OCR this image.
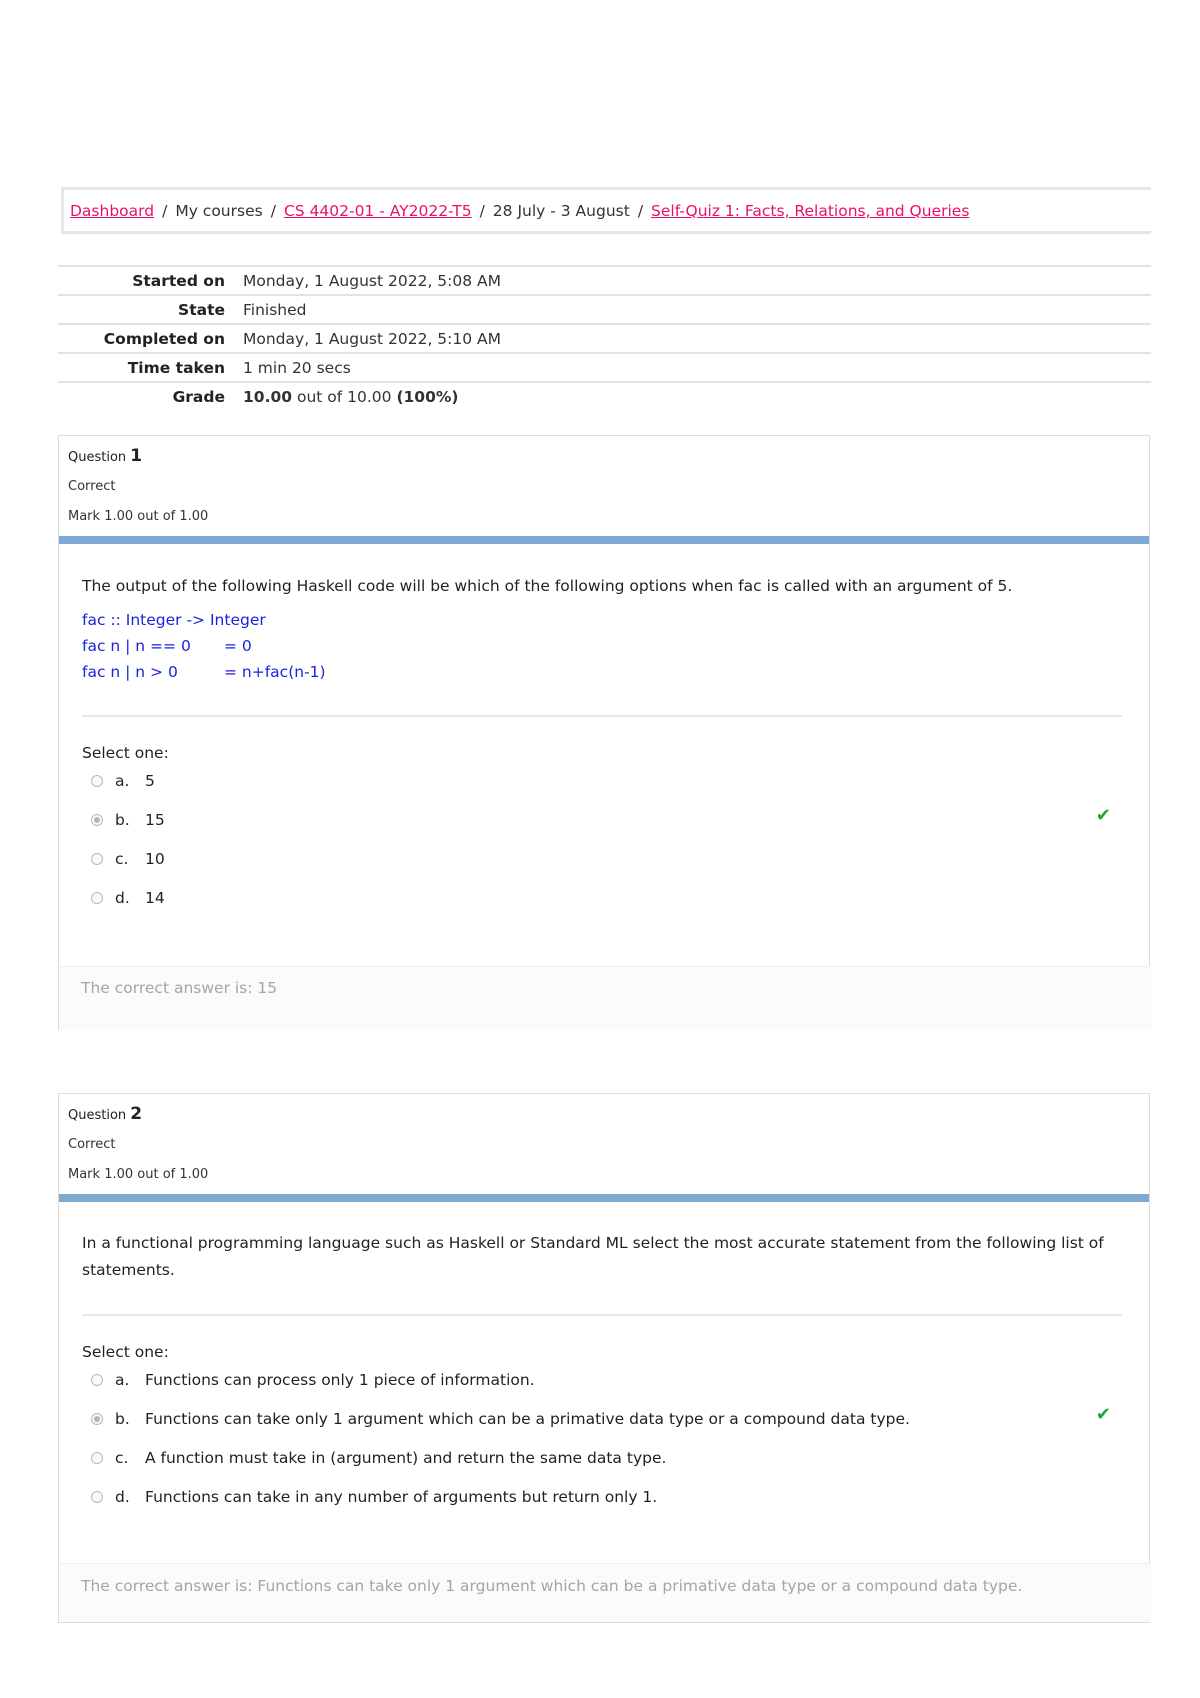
Dashboard / My courses / CS 4402-01 - AY2022-T5 / 28 July - 3 August / Self-Quiz 1: Facts, Relations, and Queries
Started on	Monday, 1 August 2022, 5:08 AM
State	Finished
Completed on	Monday, 1 August 2022, 5:10 AM
Time taken	1 min 20 secs
Grade	10.00 out of 10.00 (100%)
Question 1
Correct
Mark 1.00 out of 1.00
The output of the following Haskell code will be which of the following options when fac is called with an argument of 5.
fac :: Integer -> Integer
fac n | n == 0 = 0
fac n | n > 0	= n+fac(n-1)
Select one:
a.	5
b. 15	✔
c.	10
d. 14
The correct answer is: 15
Question 2
Correct
Mark 1.00 out of 1.00
In a functional programming language such as Haskell or Standard ML select the most accurate statement from the following list of statements.
Select one:
a.	Functions can process only 1 piece of information.
b. Functions can take only 1 argument which can be a primative data type or a compound data type.	✔
c.	A function must take in (argument) and return the same data type.
d. Functions can take in any number of arguments but return only 1.
The correct answer is: Functions can take only 1 argument which can be a primative data type or a compound data type.
